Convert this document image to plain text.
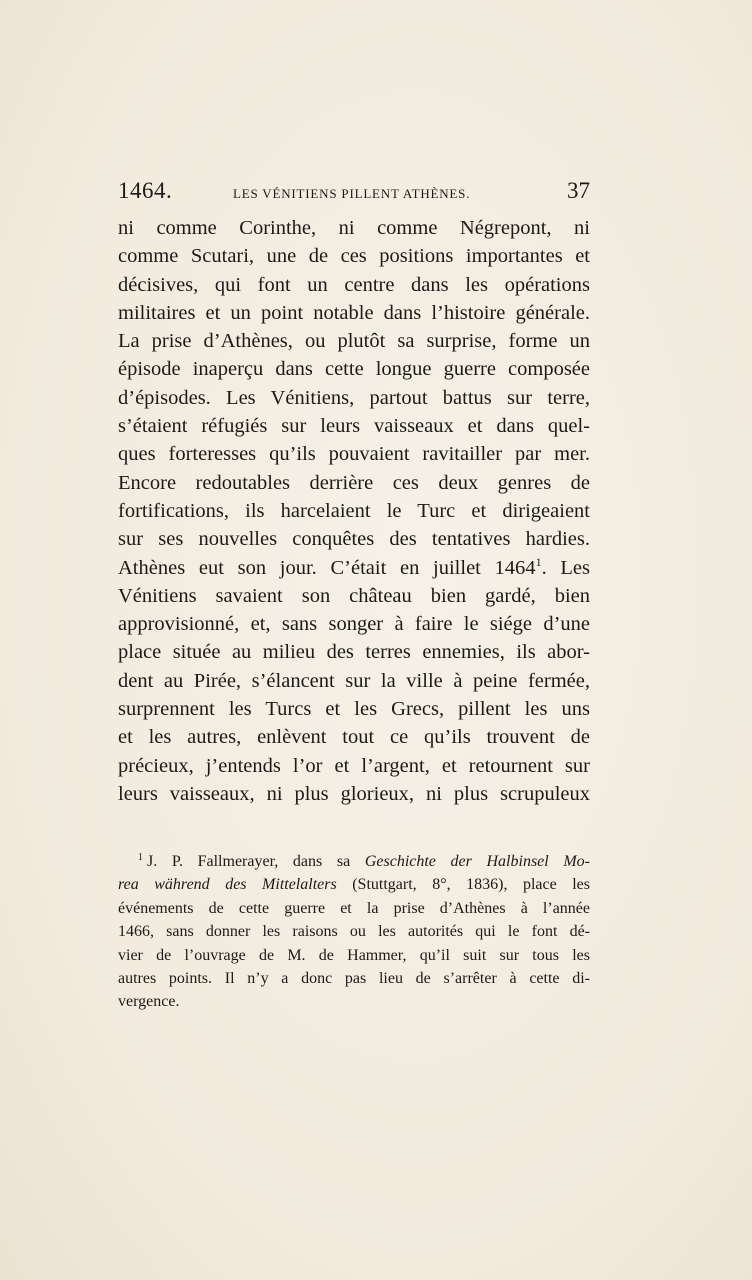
1464.	LES VÉNITIENS PILLENT ATHÈNES.	37
ni comme Corinthe, ni comme Négrepont, ni
comme Scutari, une de ces positions importantes et
décisives, qui font un centre dans les opérations
militaires et un point notable dans l’histoire générale.
La prise d’Athènes, ou plutôt sa surprise, forme un
épisode inaperçu dans cette longue guerre composée
d’épisodes. Les Vénitiens, partout battus sur terre,
s’étaient réfugiés sur leurs vaisseaux et dans quel-
ques forteresses qu’ils pouvaient ravitailler par mer.
Encore redoutables derrière ces deux genres de
fortifications, ils harcelaient le Turc et dirigeaient
sur ses nouvelles conquêtes des tentatives hardies.
Athènes eut son jour. C’était en juillet 1464$^1$. Les
Vénitiens savaient son château bien gardé, bien
approvisionné, et, sans songer à faire le siége d’une
place située au milieu des terres ennemies, ils abor-
dent au Pirée, s’élancent sur la ville à peine fermée,
surprennent les Turcs et les Grecs, pillent les uns
et les autres, enlèvent tout ce qu’ils trouvent de
précieux, j’entends l’or et l’argent, et retournent sur
leurs vaisseaux, ni plus glorieux, ni plus scrupuleux
$^1$ J. P. Fallmerayer, dans sa Geschichte der Halbinsel Mo-
rea während des Mittelalters (Stuttgart, 8°, 1836), place les
événements de cette guerre et la prise d’Athènes à l’année
1466, sans donner les raisons ou les autorités qui le font dé-
vier de l’ouvrage de M. de Hammer, qu’il suit sur tous les
autres points. Il n’y a donc pas lieu de s’arrêter à cette di-
vergence.
